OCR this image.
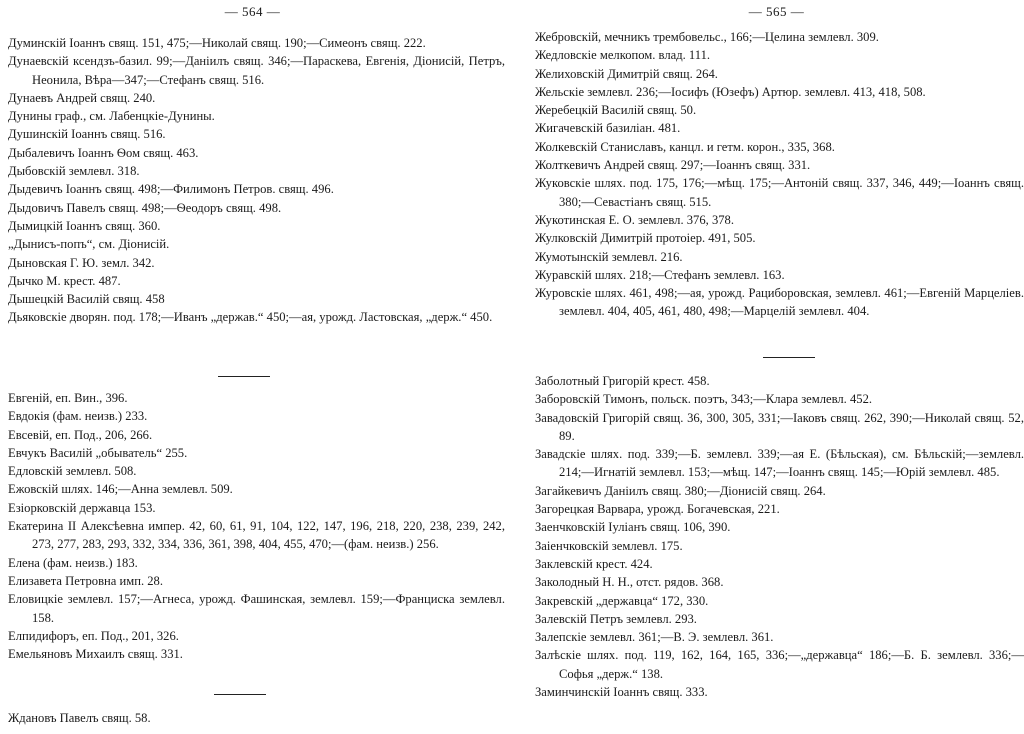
— 564 —

Думинскій Іоаннъ свящ. 151, 475;—Николай свящ. 190;—Симеонъ свящ. 222.

Дунаевскій ксендзъ-базил. 99;—Даніилъ свящ. 346;—Параскева, Евгенія, Діонисій, Петръ, Неонила, Вѣра—347;—Стефанъ свящ. 516.

Дунаевъ Андрей свящ. 240.

Дунины граф., см. Лабенцкіе-Дунины.

Душинскій Іоаннъ свящ. 516.

Дыбалевичъ Іоаннъ Ѳом свящ. 463.

Дыбовскій землевл. 318.

Дыдевичъ Іоаннъ свящ. 498;—Филимонъ Петров. свящ. 496.

Дыдовичъ Павелъ свящ. 498;—Ѳеодоръ свящ. 498.

Дымицкій Іоаннъ свящ. 360.

„Дынисъ-попъ“, см. Діонисій.

Дыновская Г. Ю. земл. 342.

Дычко М. крест. 487.

Дышецкій Василій свящ. 458

Дьяковскіе дворян. под. 178;—Иванъ „держав.“ 450;—ая, урожд. Ластовская, „держ.“ 450.

Евгеній, еп. Вин., 396.

Евдокія (фам. неизв.) 233.

Евсевій, еп. Под., 206, 266.

Евчукъ Василій „обыватель“ 255.

Едловскій землевл. 508.

Ежовскій шлях. 146;—Анна землевл. 509.

Езіорковскій державца 153.

Екатерина II Алексѣевна импер. 42, 60, 61, 91, 104, 122, 147, 196, 218, 220, 238, 239, 242, 273, 277, 283, 293, 332, 334, 336, 361, 398, 404, 455, 470;—(фам. неизв.) 256.

Елена (фам. неизв.) 183.

Елизавета Петровна имп. 28.

Еловицкіе землевл. 157;—Агнеса, урожд. Фашинская, землевл. 159;—Франциска землевл. 158.

Елпидифоръ, еп. Под., 201, 326.

Емельяновъ Михаилъ свящ. 331.

Ждановъ Павелъ свящ. 58.

— 565 —

Жебровскій, мечникъ трембовельс., 166;—Целина землевл. 309.

Жедловскіе мелкопом. влад. 111.

Желиховскій Димитрій свящ. 264.

Жельскіе землевл. 236;—Іосифъ (Юзефъ) Артюр. землевл. 413, 418, 508.

Жеребецкій Василій свящ. 50.

Жигачевскій базиліан. 481.

Жолкевскій Станиславъ, канцл. и гетм. корон., 335, 368.

Жолткевичъ Андрей свящ. 297;—Іоаннъ свящ. 331.

Жуковскіе шлях. под. 175, 176;—мѣщ. 175;—Антоній свящ. 337, 346, 449;—Іоаннъ свящ. 380;—Севастіанъ свящ. 515.

Жукотинская Е. О. землевл. 376, 378.

Жулковскій Димитрій протоіер. 491, 505.

Жумотынскій землевл. 216.

Журавскій шлях. 218;—Стефанъ землевл. 163.

Журовскіе шлях. 461, 498;—ая, урожд. Рациборовская, землевл. 461;—Евгеній Марцеліев. землевл. 404, 405, 461, 480, 498;—Марцелій землевл. 404.

Заболотный Григорій крест. 458.

Заборовскій Тимонъ, польск. поэтъ, 343;—Клара землевл. 452.

Завадовскій Григорій свящ. 36, 300, 305, 331;—Іаковъ свящ. 262, 390;—Николай свящ. 52, 89.

Завадскіе шлях. под. 339;—Б. землевл. 339;—ая Е. (Бѣльская), см. Бѣльскій;—землевл. 214;—Игнатій землевл. 153;—мѣщ. 147;—Іоаннъ свящ. 145;—Юрій землевл. 485.

Загайкевичъ Даніилъ свящ. 380;—Діонисій свящ. 264.

Загорецкая Варвара, урожд. Богачевская, 221.

Заенчковскій Іуліанъ свящ. 106, 390.

Заіенчковскій землевл. 175.

Заклевскій крест. 424.

Заколодный Н. Н., отст. рядов. 368.

Закревскій „державца“ 172, 330.

Залевскій Петръ землевл. 293.

Залепскіе землевл. 361;—В. Э. землевл. 361.

Залѣскіе шлях. под. 119, 162, 164, 165, 336;—„державца“ 186;—Б. Б. землевл. 336;—Софья „держ.“ 138.

Заминчинскій Іоаннъ свящ. 333.
